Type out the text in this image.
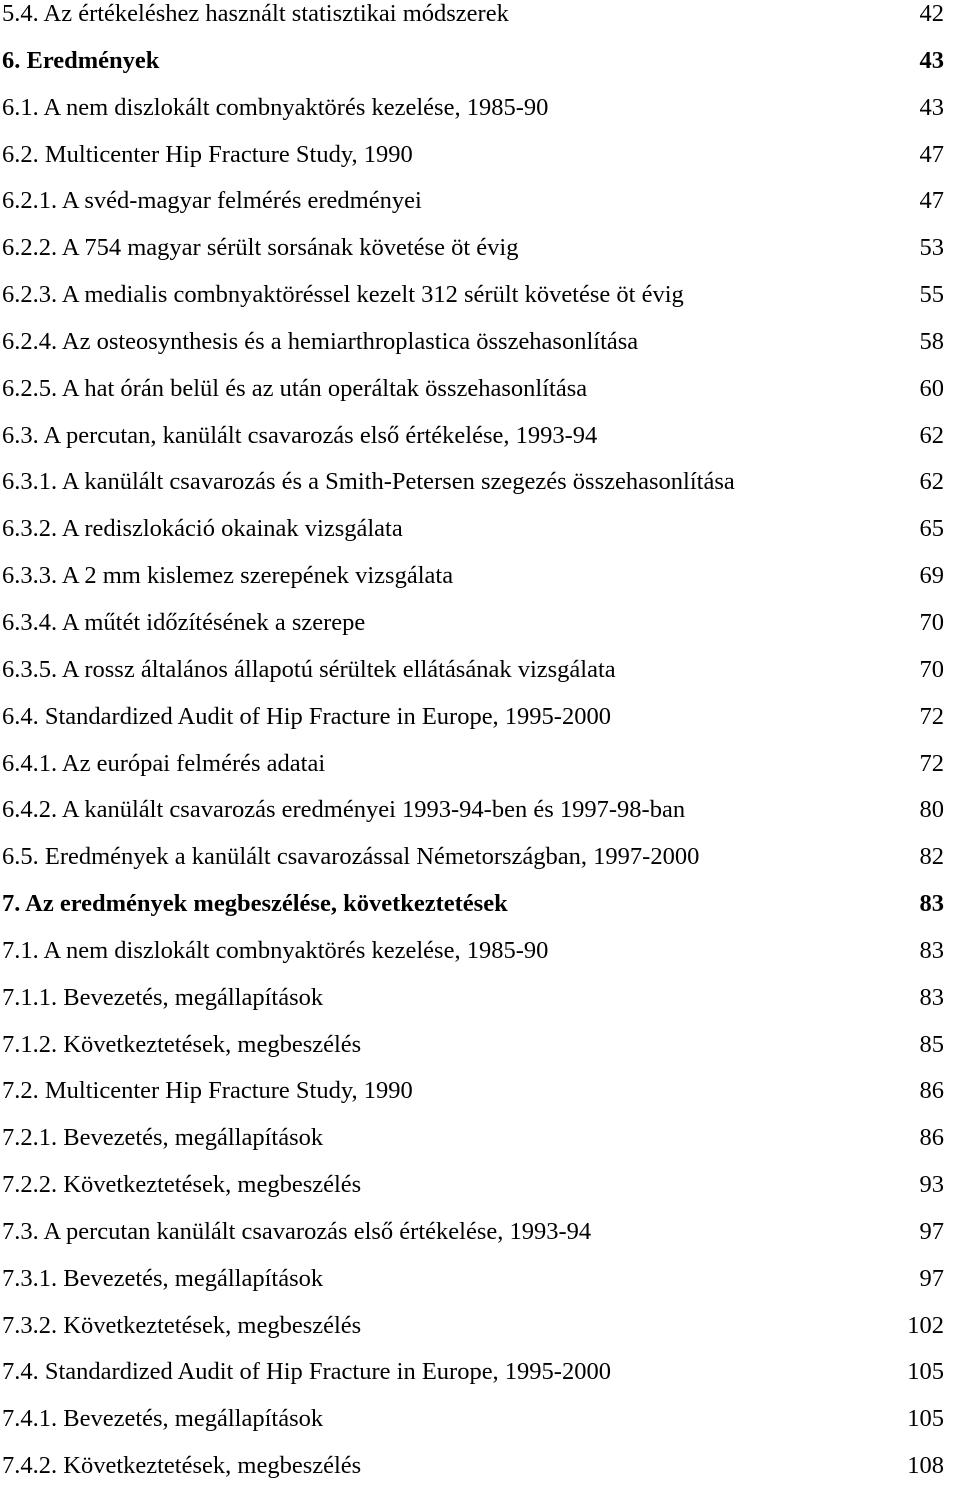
5.4. Az értékeléshez használt statisztikai módszerek	42
6. Eredmények	43
6.1. A nem diszlokált combnyaktörés kezelése, 1985-90	43
6.2. Multicenter Hip Fracture Study, 1990	47
6.2.1. A svéd-magyar felmérés eredményei	47
6.2.2. A 754 magyar sérült sorsának követése öt évig	53
6.2.3. A medialis combnyaktöréssel kezelt 312 sérült követése öt évig	55
6.2.4. Az osteosynthesis és a hemiarthroplastica összehasonlítása	58
6.2.5. A hat órán belül és az után operáltak összehasonlítása	60
6.3. A percutan, kanülált csavarozás első értékelése, 1993-94	62
6.3.1. A kanülált csavarozás és a Smith-Petersen szegezés összehasonlítása	62
6.3.2. A rediszlokáció okainak vizsgálata	65
6.3.3. A 2 mm kislemez szerepének vizsgálata	69
6.3.4. A műtét időzítésének a szerepe	70
6.3.5. A rossz általános állapotú sérültek ellátásának vizsgálata	70
6.4. Standardized Audit of Hip Fracture in Europe, 1995-2000	72
6.4.1. Az európai felmérés adatai	72
6.4.2. A kanülált csavarozás eredményei 1993-94-ben és 1997-98-ban	80
6.5. Eredmények a kanülált csavarozással Németországban, 1997-2000	82
7. Az eredmények megbeszélése, következtetések	83
7.1. A nem diszlokált combnyaktörés kezelése, 1985-90	83
7.1.1. Bevezetés, megállapítások	83
7.1.2. Következtetések, megbeszélés	85
7.2. Multicenter Hip Fracture Study, 1990	86
7.2.1. Bevezetés, megállapítások	86
7.2.2. Következtetések, megbeszélés	93
7.3. A percutan kanülált csavarozás első értékelése, 1993-94	97
7.3.1. Bevezetés, megállapítások	97
7.3.2. Következtetések, megbeszélés	102
7.4. Standardized Audit of Hip Fracture in Europe, 1995-2000	105
7.4.1. Bevezetés, megállapítások	105
7.4.2. Következtetések, megbeszélés	108
